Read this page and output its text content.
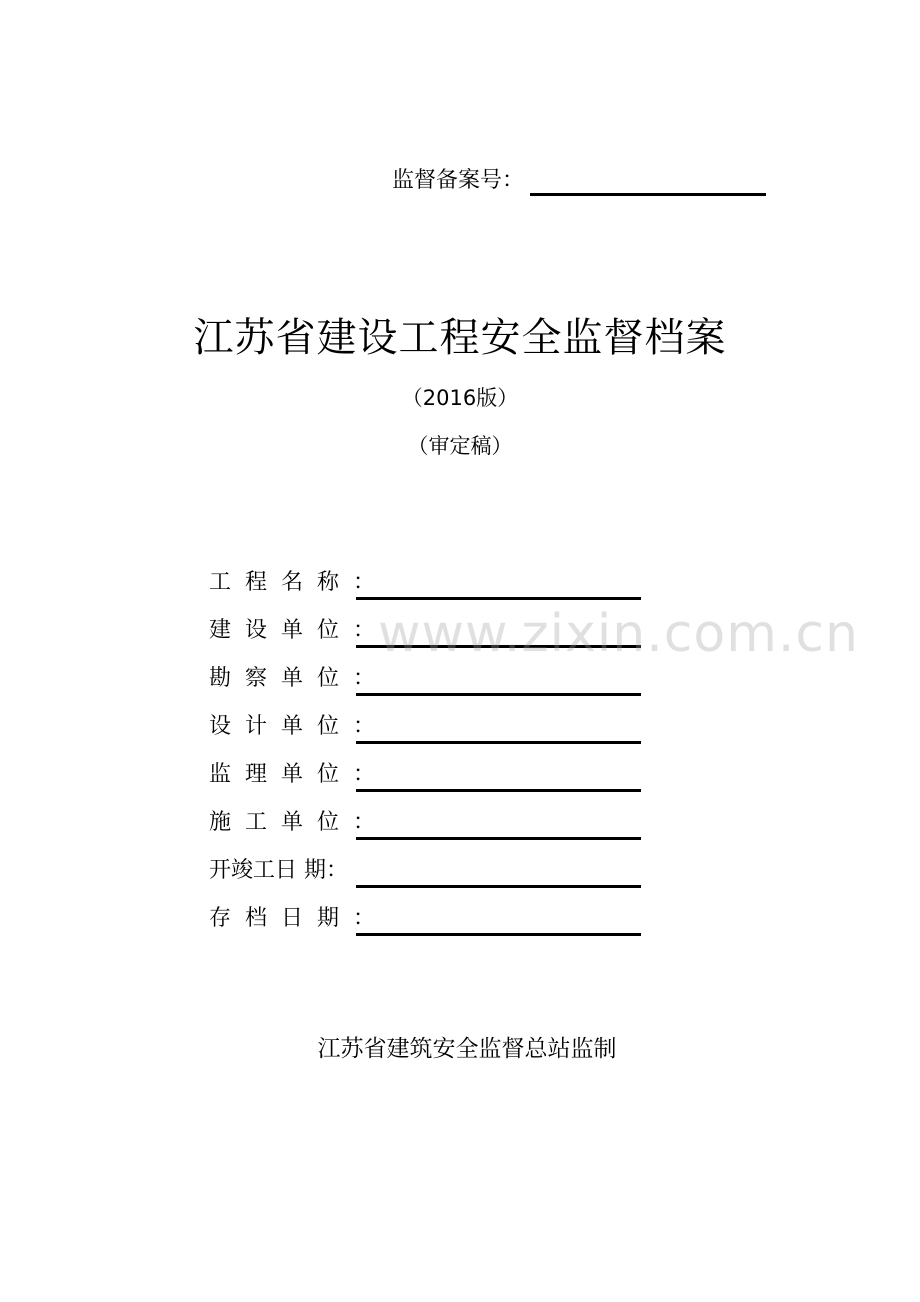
监督备案号：
江苏省建设工程安全监督档案
（2016版）
（审定稿）
工程名称：
建设单位：
勘察单位：
设计单位：
监理单位：
施工单位：
开竣工日 期：
存档日期：
www.zixin.com.cn
江苏省建筑安全监督总站监制
